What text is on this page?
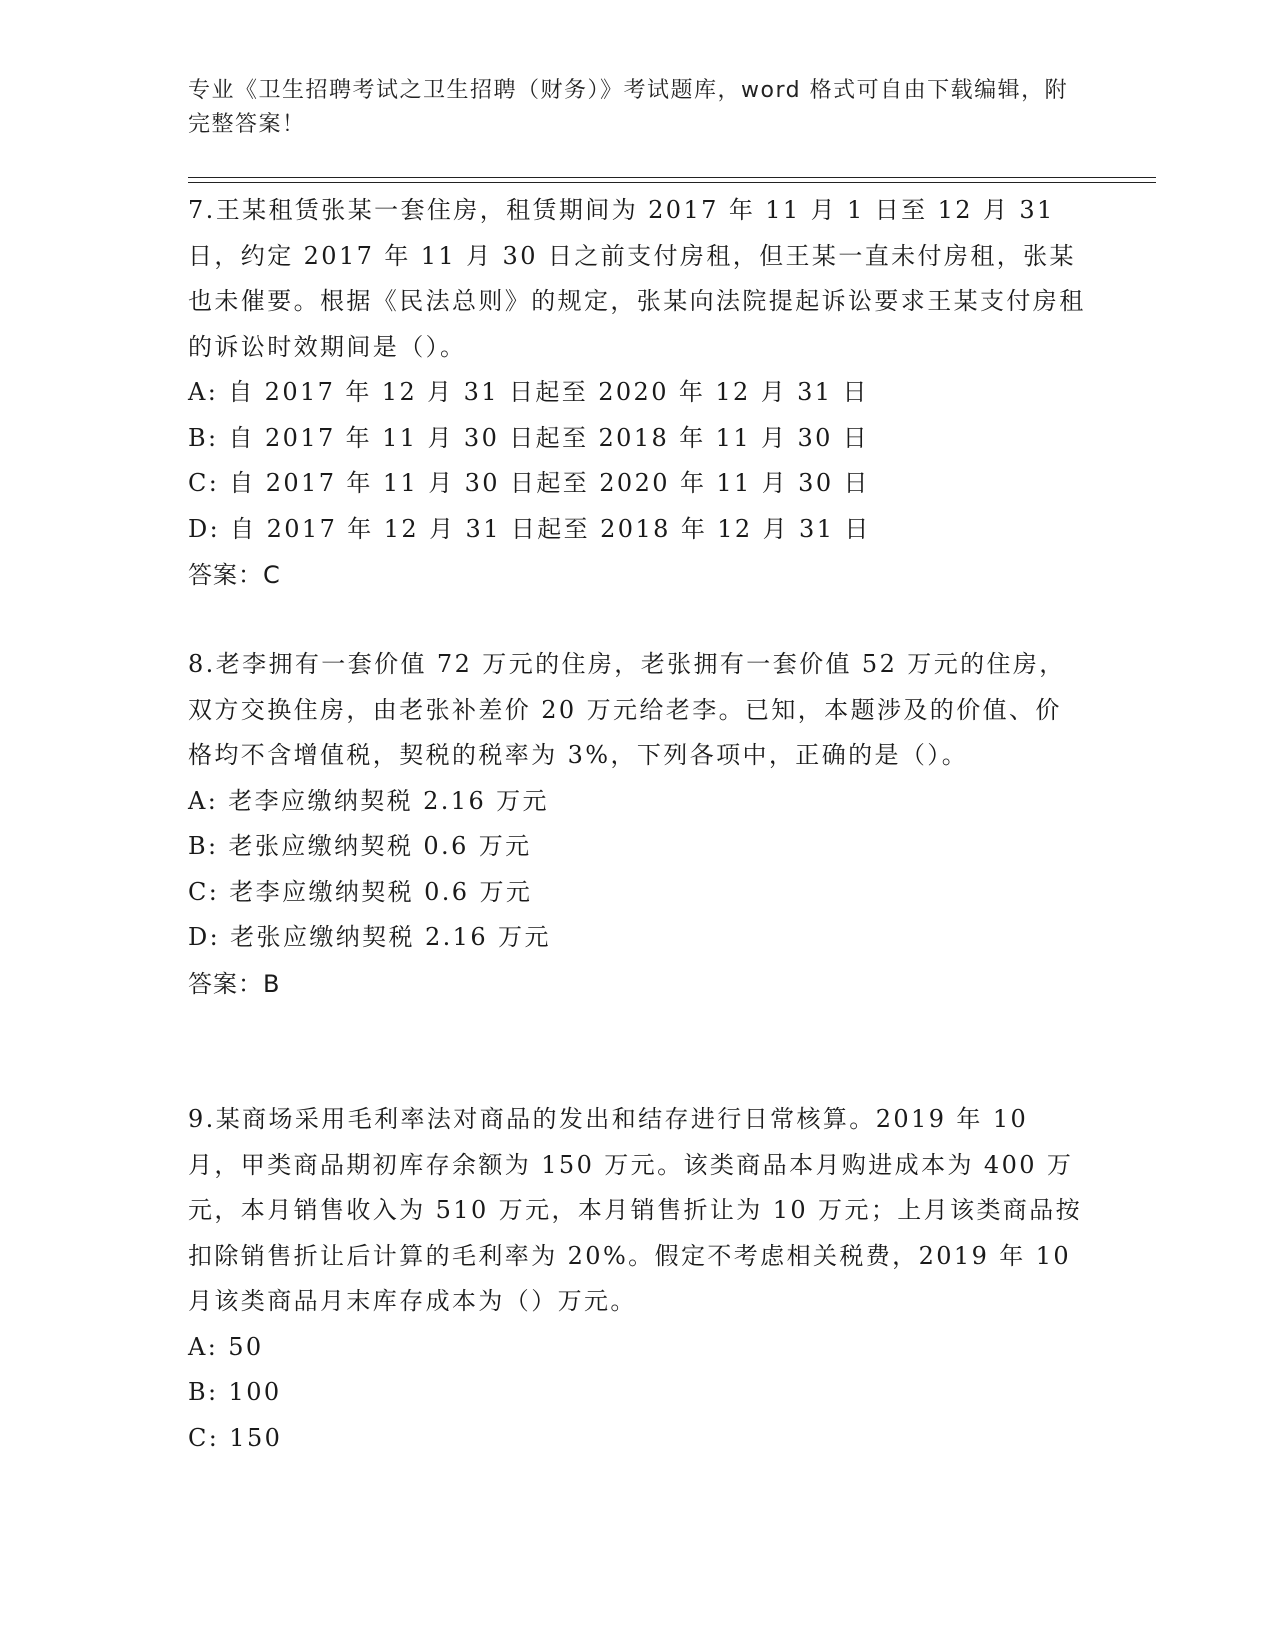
专业《卫生招聘考试之卫生招聘（财务）》考试题库，word 格式可自由下载编辑，附完整答案！
7.王某租赁张某一套住房，租赁期间为 2017 年 11 月 1 日至 12 月 31 日，约定 2017 年 11 月 30 日之前支付房租，但王某一直未付房租，张某也未催要。根据《民法总则》的规定，张某向法院提起诉讼要求王某支付房租的诉讼时效期间是（）。
A: 自 2017 年 12 月 31 日起至 2020 年 12 月 31 日
B: 自 2017 年 11 月 30 日起至 2018 年 11 月 30 日
C: 自 2017 年 11 月 30 日起至 2020 年 11 月 30 日
D: 自 2017 年 12 月 31 日起至 2018 年 12 月 31 日
答案：C
8.老李拥有一套价值 72 万元的住房，老张拥有一套价值 52 万元的住房，双方交换住房，由老张补差价 20 万元给老李。已知，本题涉及的价值、价格均不含增值税，契税的税率为 3%，下列各项中，正确的是（）。
A: 老李应缴纳契税 2.16 万元
B: 老张应缴纳契税 0.6 万元
C: 老李应缴纳契税 0.6 万元
D: 老张应缴纳契税 2.16 万元
答案：B
9.某商场采用毛利率法对商品的发出和结存进行日常核算。2019 年 10 月，甲类商品期初库存余额为 150 万元。该类商品本月购进成本为 400 万元，本月销售收入为 510 万元，本月销售折让为 10 万元；上月该类商品按扣除销售折让后计算的毛利率为 20%。假定不考虑相关税费，2019 年 10 月该类商品月末库存成本为（）万元。
A: 50
B: 100
C: 150
